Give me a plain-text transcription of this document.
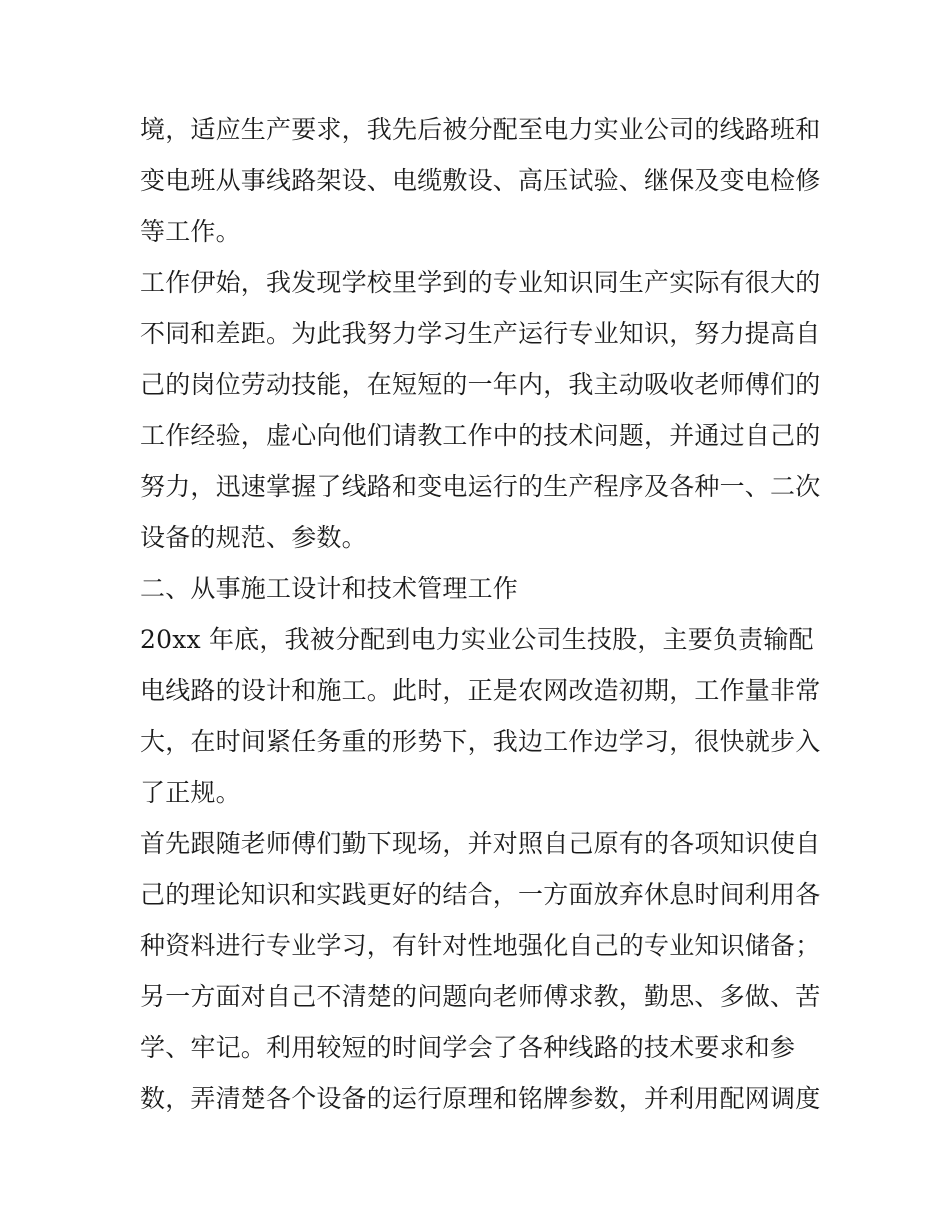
境，适应生产要求，我先后被分配至电力实业公司的线路班和
变电班从事线路架设、电缆敷设、高压试验、继保及变电检修
等工作。
工作伊始，我发现学校里学到的专业知识同生产实际有很大的
不同和差距。为此我努力学习生产运行专业知识，努力提高自
己的岗位劳动技能，在短短的一年内，我主动吸收老师傅们的
工作经验，虚心向他们请教工作中的技术问题，并通过自己的
努力，迅速掌握了线路和变电运行的生产程序及各种一、二次
设备的规范、参数。
二、从事施工设计和技术管理工作
20xx 年底，我被分配到电力实业公司生技股，主要负责输配
电线路的设计和施工。此时，正是农网改造初期，工作量非常
大，在时间紧任务重的形势下，我边工作边学习，很快就步入
了正规。
首先跟随老师傅们勤下现场，并对照自己原有的各项知识使自
己的理论知识和实践更好的结合，一方面放弃休息时间利用各
种资料进行专业学习，有针对性地强化自己的专业知识储备；
另一方面对自己不清楚的问题向老师傅求教，勤思、多做、苦
学、牢记。利用较短的时间学会了各种线路的技术要求和参
数，弄清楚各个设备的运行原理和铭牌参数，并利用配网调度
